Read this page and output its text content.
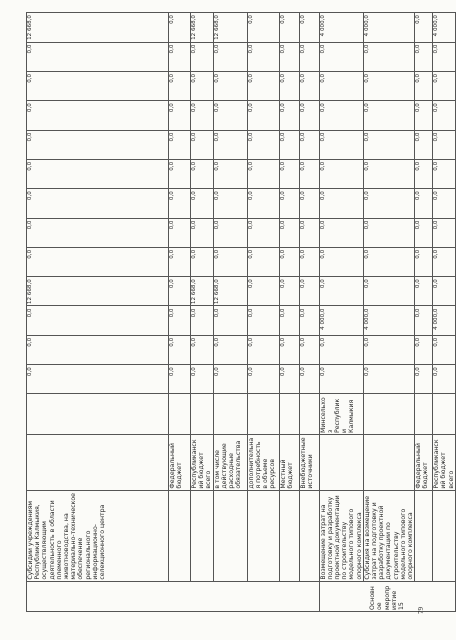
	Субсидии учреждениям Республики Калмыкия, осуществляющим деятельность в области племенного животноводства, на материально-техническое обеспечение регионального информационно-селекционного центра			0,0	0,0	0,0	12 668,0	0,0	0,0	0,0	0,0	0,0	0,0	0,0	0,0	12 668,0
		Федеральный бюджет		0,0	0,0	0,0	0,0	0,0	0,0	0,0	0,0	0,0	0,0	0,0	0,0	0,0
		Республиканский бюджет всего		0,0	0,0	0,0	12 668,0	0,0	0,0	0,0	0,0	0,0	0,0	0,0	0,0	12 668,0
		в том числе действующие расходные обязательства		0,0	0,0	0,0	12 668,0	0,0	0,0	0,0	0,0	0,0	0,0	0,0	0,0	12 668,0
		дополнительная потребность в объеме ресурсов		0,0	0,0	0,0	0,0	0,0	0,0	0,0	0,0	0,0	0,0	0,0	0,0	0,0
		Местный бюджет		0,0	0,0	0,0	0,0	0,0	0,0	0,0	0,0	0,0	0,0	0,0	0,0	0,0
		Внебюджетные источники		0,0	0,0	0,0	0,0	0,0	0,0	0,0	0,0	0,0	0,0	0,0	0,0	0,0
Основное мероприятие 15	Возмещение затрат на подготовку и разработку проектной документации по строительству модельного типового опорного комплекса		Минсельхоз Республики Калмыкия	0,0	0,0	4 000,0	0,0	0,0	0,0	0,0	0,0	0,0	0,0	0,0	0,0	4 000,0
	Субсидия на возмещение затрат на подготовку и разработку проектной документации по строительству модельного типового опорного комплекса			0,0	0,0	4 000,0	0,0	0,0	0,0	0,0	0,0	0,0	0,0	0,0	0,0	4 000,0
		Федеральный бюджет		0,0	0,0	0,0	0,0	0,0	0,0	0,0	0,0	0,0	0,0	0,0	0,0	0,0
		Республиканский бюджет всего		0,0	0,0	4 000,0	0,0	0,0	0,0	0,0	0,0	0,0	0,0	0,0	0,0	4 000,0
79
